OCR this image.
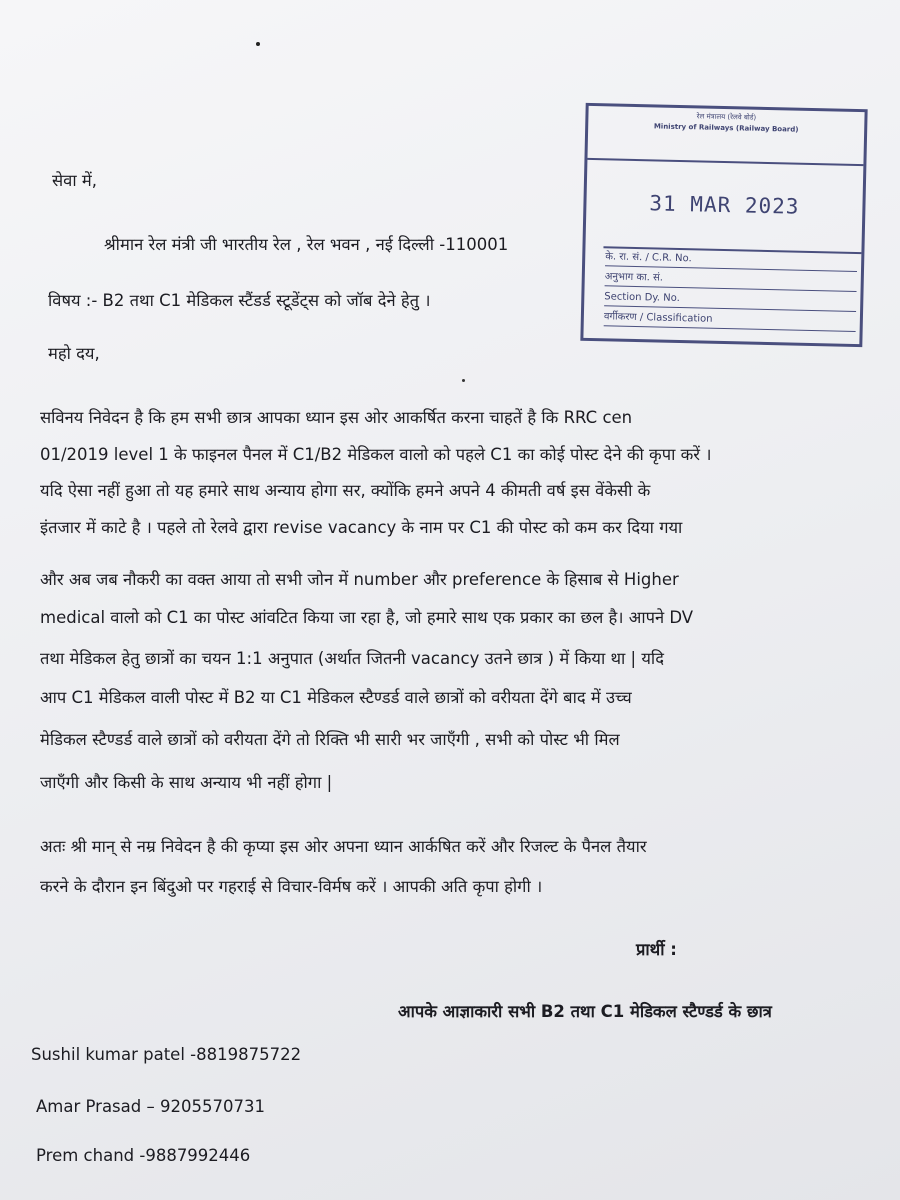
रेल मंत्रालय (रेलवे बोर्ड)
Ministry of Railways (Railway Board)
31 MAR 2023
के. रा. सं. / C.R. No.
अनुभाग का. सं.
Section Dy. No.
वर्गीकरण / Classification

सेवा में,

श्रीमान रेल मंत्री जी भारतीय रेल , रेल भवन , नई दिल्ली -110001

विषय :- B2 तथा C1 मेडिकल स्टैंडर्ड स्टूडेंट्स को जॉब देने हेतु ।

महो दय,

सविनय निवेदन है कि हम सभी छात्र आपका ध्यान इस ओर आकर्षित करना चाहतें है कि RRC cen

01/2019 level 1 के फाइनल पैनल में C1/B2 मेडिकल वालो को पहले C1 का कोई पोस्ट देने की कृपा करें ।

यदि ऐसा नहीं हुआ तो यह हमारे साथ अन्याय होगा सर, क्योंकि हमने अपने 4 कीमती वर्ष इस वेंकेसी के

इंतजार में काटे है । पहले तो रेलवे द्वारा revise vacancy के नाम पर C1 की पोस्ट को कम कर दिया गया

और अब जब नौकरी का वक्त आया तो सभी जोन में number और preference के हिसाब से Higher

medical वालो को C1 का पोस्ट आंवटित किया जा रहा है, जो हमारे साथ एक प्रकार का छल है। आपने DV

तथा मेडिकल हेतु छात्रों का चयन 1:1 अनुपात (अर्थात जितनी vacancy उतने छात्र ) में किया था | यदि

आप C1 मेडिकल वाली पोस्ट में B2 या C1 मेडिकल स्टैण्डर्ड वाले छात्रों को वरीयता देंगे बाद में उच्च

मेडिकल स्टैण्डर्ड वाले छात्रों को वरीयता देंगे तो रिक्ति भी सारी भर जाएँगी , सभी को पोस्ट भी मिल

जाएँगी और किसी के साथ अन्याय भी नहीं होगा |

अतः श्री मान् से नम्र निवेदन है की कृप्या इस ओर अपना ध्यान आर्कषित करें और रिजल्ट के पैनल तैयार

करने के दौरान इन बिंदुओ पर गहराई से विचार-विर्मष करें । आपकी अति कृपा होगी ।

प्रार्थी :

आपके आज्ञाकारी सभी B2 तथा C1 मेडिकल स्टैण्डर्ड के छात्र

Sushil kumar patel -8819875722

Amar Prasad – 9205570731

Prem chand -9887992446
